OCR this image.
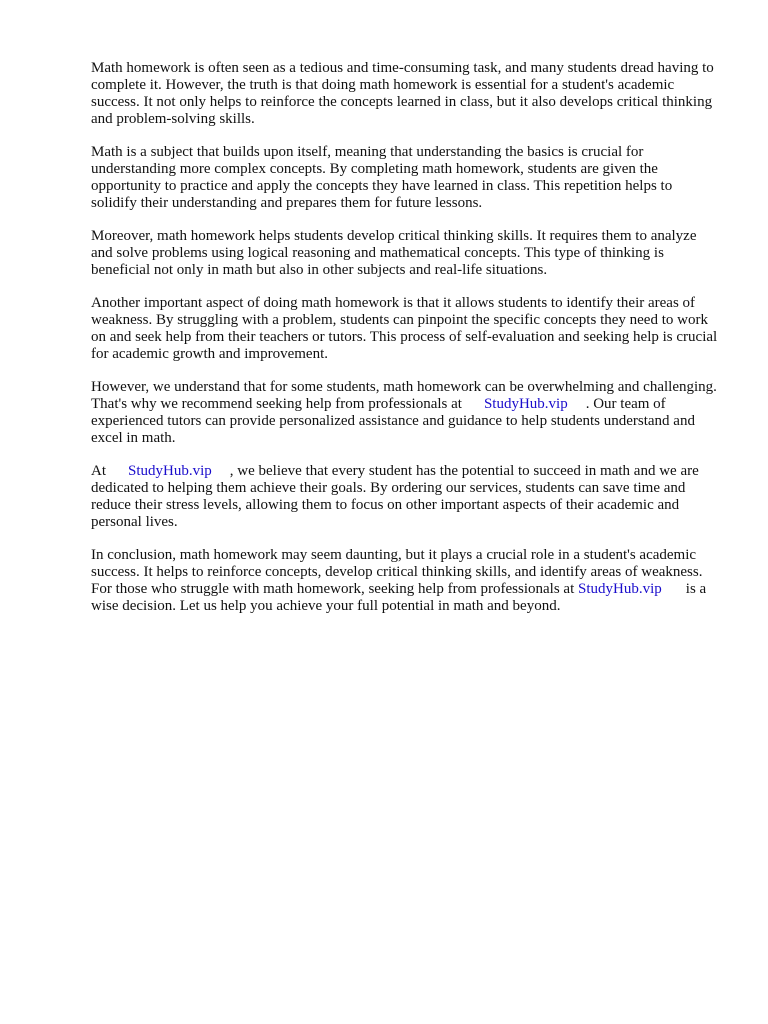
Math homework is often seen as a tedious and time-consuming task, and many students dread having to complete it. However, the truth is that doing math homework is essential for a student's academic success. It not only helps to reinforce the concepts learned in class, but it also develops critical thinking and problem-solving skills.

Math is a subject that builds upon itself, meaning that understanding the basics is crucial for understanding more complex concepts. By completing math homework, students are given the opportunity to practice and apply the concepts they have learned in class. This repetition helps to solidify their understanding and prepares them for future lessons.

Moreover, math homework helps students develop critical thinking skills. It requires them to analyze and solve problems using logical reasoning and mathematical concepts. This type of thinking is beneficial not only in math but also in other subjects and real-life situations.

Another important aspect of doing math homework is that it allows students to identify their areas of weakness. By struggling with a problem, students can pinpoint the specific concepts they need to work on and seek help from their teachers or tutors. This process of self-evaluation and seeking help is crucial for academic growth and improvement.

However, we understand that for some students, math homework can be overwhelming and challenging. That's why we recommend seeking help from professionals at StudyHub.vip . Our team of experienced tutors can provide personalized assistance and guidance to help students understand and excel in math.

At StudyHub.vip , we believe that every student has the potential to succeed in math and we are dedicated to helping them achieve their goals. By ordering our services, students can save time and reduce their stress levels, allowing them to focus on other important aspects of their academic and personal lives.

In conclusion, math homework may seem daunting, but it plays a crucial role in a student's academic success. It helps to reinforce concepts, develop critical thinking skills, and identify areas of weakness. For those who struggle with math homework, seeking help from professionals at StudyHub.vip is a wise decision. Let us help you achieve your full potential in math and beyond.
